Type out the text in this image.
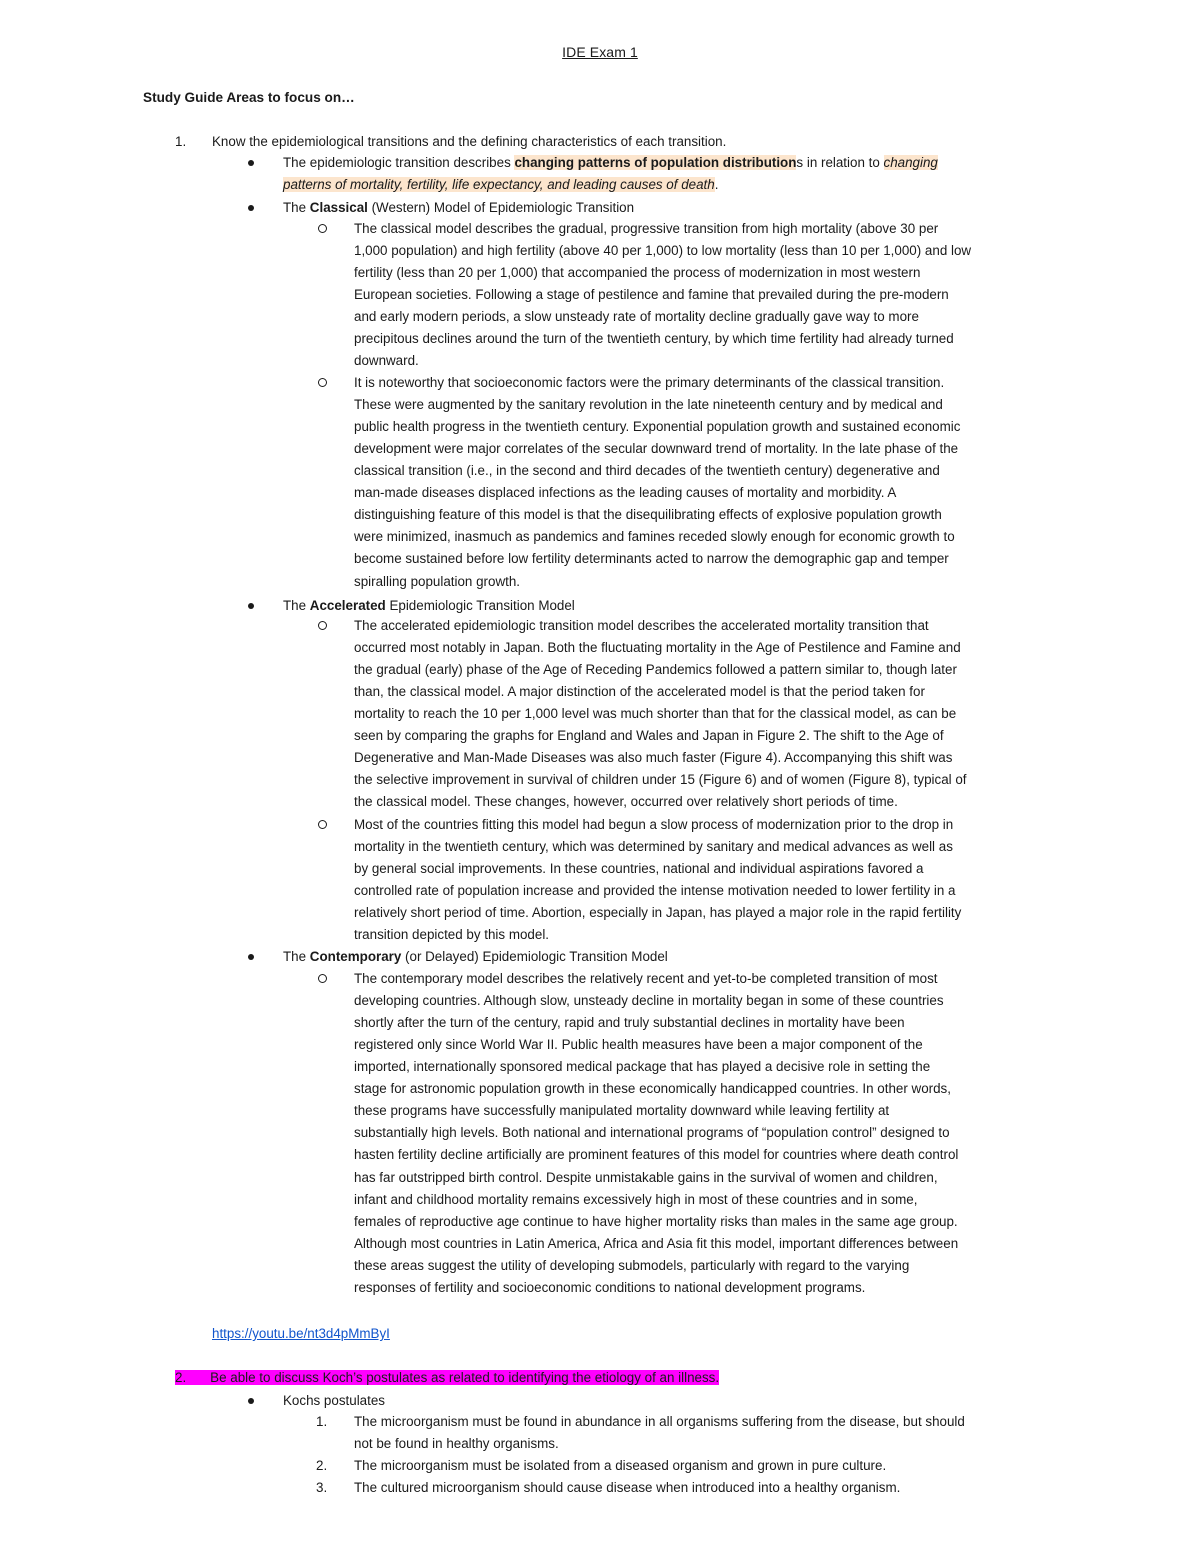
IDE Exam 1
Study Guide Areas to focus on…
1. Know the epidemiological transitions and the defining characteristics of each transition.
The epidemiologic transition describes changing patterns of population distributions in relation to changing
patterns of mortality, fertility, life expectancy, and leading causes of death.
The Classical (Western) Model of Epidemiologic Transition
The classical model describes the gradual, progressive transition from high mortality (above 30 per
1,000 population) and high fertility (above 40 per 1,000) to low mortality (less than 10 per 1,000) and low
fertility (less than 20 per 1,000) that accompanied the process of modernization in most western
European societies. Following a stage of pestilence and famine that prevailed during the pre-modern
and early modern periods, a slow unsteady rate of mortality decline gradually gave way to more
precipitous declines around the turn of the twentieth century, by which time fertility had already turned
downward.
It is noteworthy that socioeconomic factors were the primary determinants of the classical transition.
These were augmented by the sanitary revolution in the late nineteenth century and by medical and
public health progress in the twentieth century. Exponential population growth and sustained economic
development were major correlates of the secular downward trend of mortality. In the late phase of the
classical transition (i.e., in the second and third decades of the twentieth century) degenerative and
man-made diseases displaced infections as the leading causes of mortality and morbidity. A
distinguishing feature of this model is that the disequilibrating effects of explosive population growth
were minimized, inasmuch as pandemics and famines receded slowly enough for economic growth to
become sustained before low fertility determinants acted to narrow the demographic gap and temper
spiralling population growth.
The Accelerated Epidemiologic Transition Model
The accelerated epidemiologic transition model describes the accelerated mortality transition that
occurred most notably in Japan. Both the fluctuating mortality in the Age of Pestilence and Famine and
the gradual (early) phase of the Age of Receding Pandemics followed a pattern similar to, though later
than, the classical model. A major distinction of the accelerated model is that the period taken for
mortality to reach the 10 per 1,000 level was much shorter than that for the classical model, as can be
seen by comparing the graphs for England and Wales and Japan in Figure 2. The shift to the Age of
Degenerative and Man-Made Diseases was also much faster (Figure 4). Accompanying this shift was
the selective improvement in survival of children under 15 (Figure 6) and of women (Figure 8), typical of
the classical model. These changes, however, occurred over relatively short periods of time.
Most of the countries fitting this model had begun a slow process of modernization prior to the drop in
mortality in the twentieth century, which was determined by sanitary and medical advances as well as
by general social improvements. In these countries, national and individual aspirations favored a
controlled rate of population increase and provided the intense motivation needed to lower fertility in a
relatively short period of time. Abortion, especially in Japan, has played a major role in the rapid fertility
transition depicted by this model.
The Contemporary (or Delayed) Epidemiologic Transition Model
The contemporary model describes the relatively recent and yet-to-be completed transition of most
developing countries. Although slow, unsteady decline in mortality began in some of these countries
shortly after the turn of the century, rapid and truly substantial declines in mortality have been
registered only since World War II. Public health measures have been a major component of the
imported, internationally sponsored medical package that has played a decisive role in setting the
stage for astronomic population growth in these economically handicapped countries. In other words,
these programs have successfully manipulated mortality downward while leaving fertility at
substantially high levels. Both national and international programs of “population control” designed to
hasten fertility decline artificially are prominent features of this model for countries where death control
has far outstripped birth control. Despite unmistakable gains in the survival of women and children,
infant and childhood mortality remains excessively high in most of these countries and in some,
females of reproductive age continue to have higher mortality risks than males in the same age group.
Although most countries in Latin America, Africa and Asia fit this model, important differences between
these areas suggest the utility of developing submodels, particularly with regard to the varying
responses of fertility and socioeconomic conditions to national development programs.
https://youtu.be/nt3d4pMmByI
2. Be able to discuss Koch’s postulates as related to identifying the etiology of an illness.
Kochs postulates
1. The microorganism must be found in abundance in all organisms suffering from the disease, but should
not be found in healthy organisms.
2. The microorganism must be isolated from a diseased organism and grown in pure culture.
3. The cultured microorganism should cause disease when introduced into a healthy organism.
